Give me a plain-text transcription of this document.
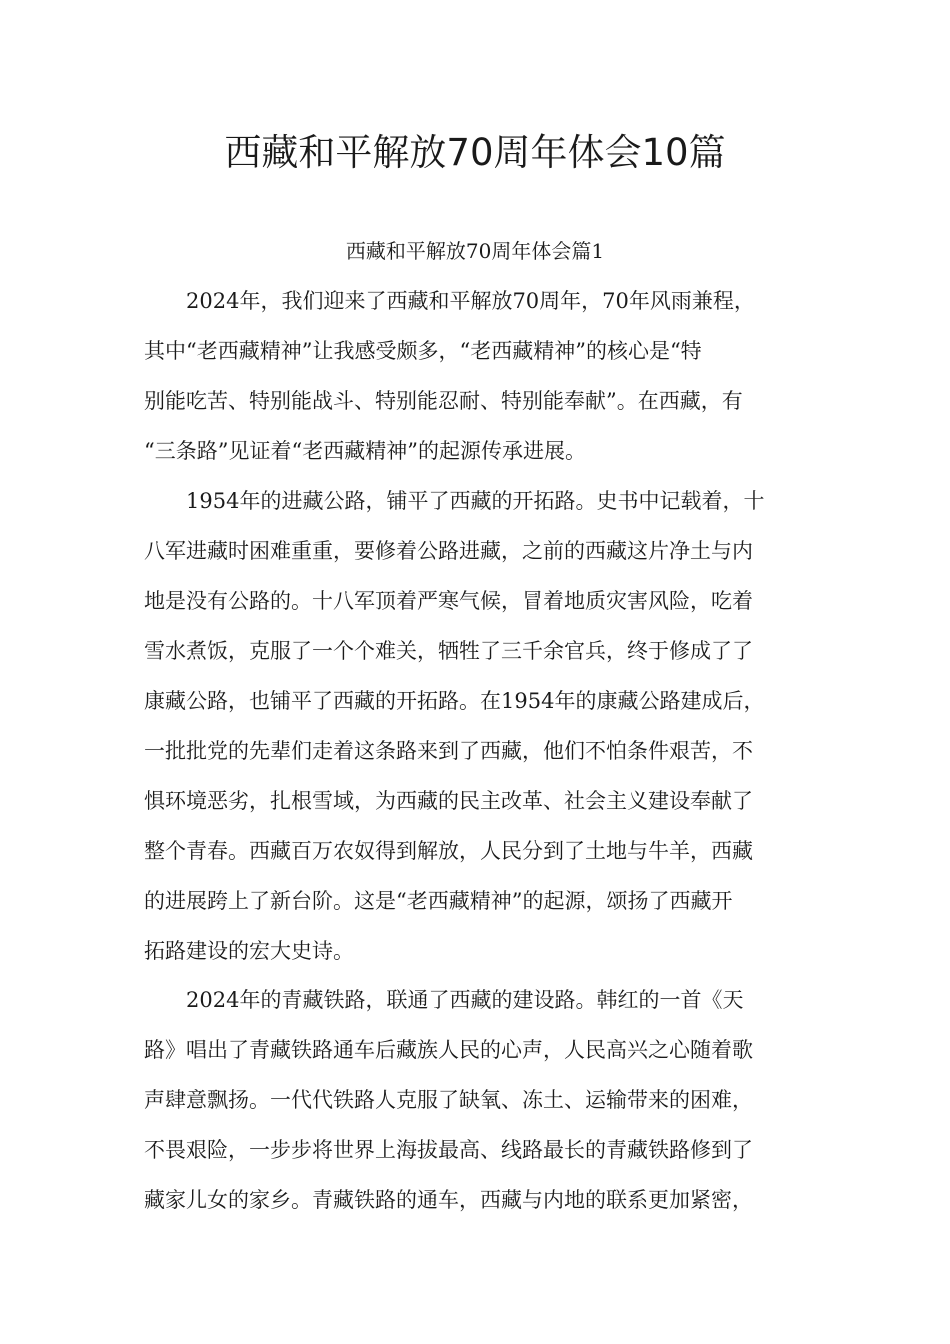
西藏和平解放70周年体会10篇
西藏和平解放70周年体会篇1
2024年，我们迎来了西藏和平解放70周年，70年风雨兼程，
其中“老西藏精神”让我感受颇多，“老西藏精神”的核心是“特
别能吃苦、特别能战斗、特别能忍耐、特别能奉献”。在西藏，有
“三条路”见证着“老西藏精神”的起源传承进展。
1954年的进藏公路，铺平了西藏的开拓路。史书中记载着，十
八军进藏时困难重重，要修着公路进藏，之前的西藏这片净土与内
地是没有公路的。十八军顶着严寒气候，冒着地质灾害风险，吃着
雪水煮饭，克服了一个个难关，牺牲了三千余官兵，终于修成了了
康藏公路，也铺平了西藏的开拓路。在1954年的康藏公路建成后，
一批批党的先辈们走着这条路来到了西藏，他们不怕条件艰苦，不
惧环境恶劣，扎根雪域，为西藏的民主改革、社会主义建设奉献了
整个青春。西藏百万农奴得到解放，人民分到了土地与牛羊，西藏
的进展跨上了新台阶。这是“老西藏精神”的起源，颂扬了西藏开
拓路建设的宏大史诗。
2024年的青藏铁路，联通了西藏的建设路。韩红的一首《天
路》唱出了青藏铁路通车后藏族人民的心声，人民高兴之心随着歌
声肆意飘扬。一代代铁路人克服了缺氧、冻土、运输带来的困难，
不畏艰险，一步步将世界上海拔最高、线路最长的青藏铁路修到了
藏家儿女的家乡。青藏铁路的通车，西藏与内地的联系更加紧密，
